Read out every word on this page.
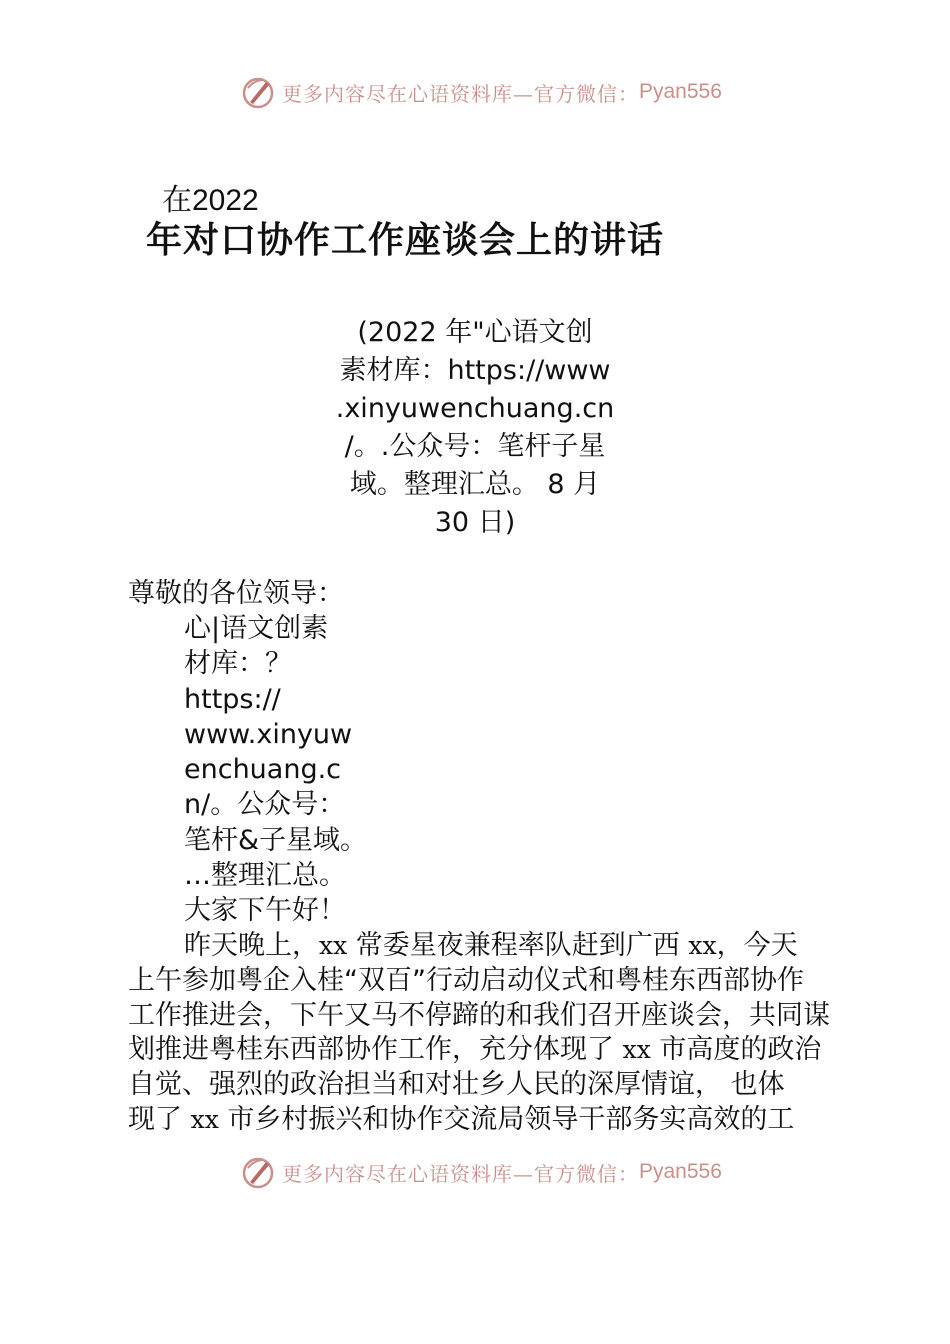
更多内容尽在心语资料库—官方微信： Pyan556
在2022
年对口协作工作座谈会上的讲话
(2022 年"心语文创
素材库：https://www
.xinyuwenchuang.cn
/。.公众号：笔杆子星
域。整理汇总。 8 月
30 日)
尊敬的各位领导：
心|语文创素
材库：？
https://
www.xinyuw
enchuang.c
n/。公众号：
笔杆&子星域。
…整理汇总。
大家下午好！
昨天晚上，xx 常委星夜兼程率队赶到广西 xx，今天
上午参加粤企入桂“双百”行动启动仪式和粤桂东西部协作
工作推进会，下午又马不停蹄的和我们召开座谈会，共同谋
划推进粤桂东西部协作工作，充分体现了 xx 市高度的政治
自觉、强烈的政治担当和对壮乡人民的深厚情谊， 也体
现了 xx 市乡村振兴和协作交流局领导干部务实高效的工
更多内容尽在心语资料库—官方微信： Pyan556
